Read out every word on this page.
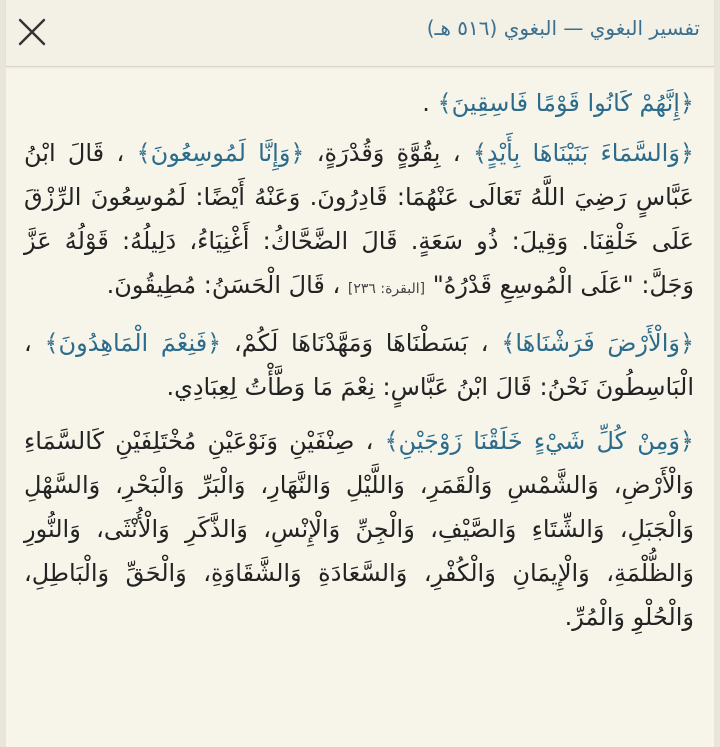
تفسير البغوي — البغوي (٥١٦ هـ)

﴿إِنَّهُمْ كَانُوا قَوْمًا فَاسِقِينَ﴾ .

﴿وَالسَّمَاءَ بَنَيْنَاهَا بِأَيْدٍ﴾ ، بِقُوَّةٍ وَقُدْرَةٍ، ﴿وَإِنَّا لَمُوسِعُونَ﴾ ، قَالَ ابْنُ عَبَّاسٍ رَضِيَ اللَّهُ تَعَالَى عَنْهُمَا: قَادِرُونَ. وَعَنْهُ أَيْضًا: لَمُوسِعُونَ الرِّزْقَ عَلَى خَلْقِنَا. وَقِيلَ: ذُو سَعَةٍ. قَالَ الضَّحَّاكُ: أَغْنِيَاءُ، دَلِيلُهُ: قَوْلُهُ عَزَّ وَجَلَّ: "عَلَى الْمُوسِعِ قَدْرُهُ" [البقرة: ٢٣٦] ، قَالَ الْحَسَنُ: مُطِيقُونَ.

﴿وَالْأَرْضَ فَرَشْنَاهَا﴾ ، بَسَطْنَاهَا وَمَهَّدْنَاهَا لَكُمْ، ﴿فَنِعْمَ الْمَاهِدُونَ﴾ ، الْبَاسِطُونَ نَحْنُ: قَالَ ابْنُ عَبَّاسٍ: نِعْمَ مَا وَطَّأْتُ لِعِبَادِي.

﴿وَمِنْ كُلِّ شَيْءٍ خَلَقْنَا زَوْجَيْنِ﴾ ، صِنْفَيْنِ وَنَوْعَيْنِ مُخْتَلِفَيْنِ كَالسَّمَاءِ وَالْأَرْضِ، وَالشَّمْسِ وَالْقَمَرِ، وَاللَّيْلِ وَالنَّهَارِ، وَالْبَرِّ وَالْبَحْرِ، وَالسَّهْلِ وَالْجَبَلِ، وَالشِّتَاءِ وَالصَّيْفِ، وَالْجِنِّ وَالْإِنْسِ، وَالذَّكَرِ وَالْأُنْثَى، وَالنُّورِ وَالظُّلْمَةِ، وَالْإِيمَانِ وَالْكُفْرِ، وَالسَّعَادَةِ وَالشَّقَاوَةِ، وَالْحَقِّ وَالْبَاطِلِ، وَالْحُلْوِ وَالْمُرِّ.
